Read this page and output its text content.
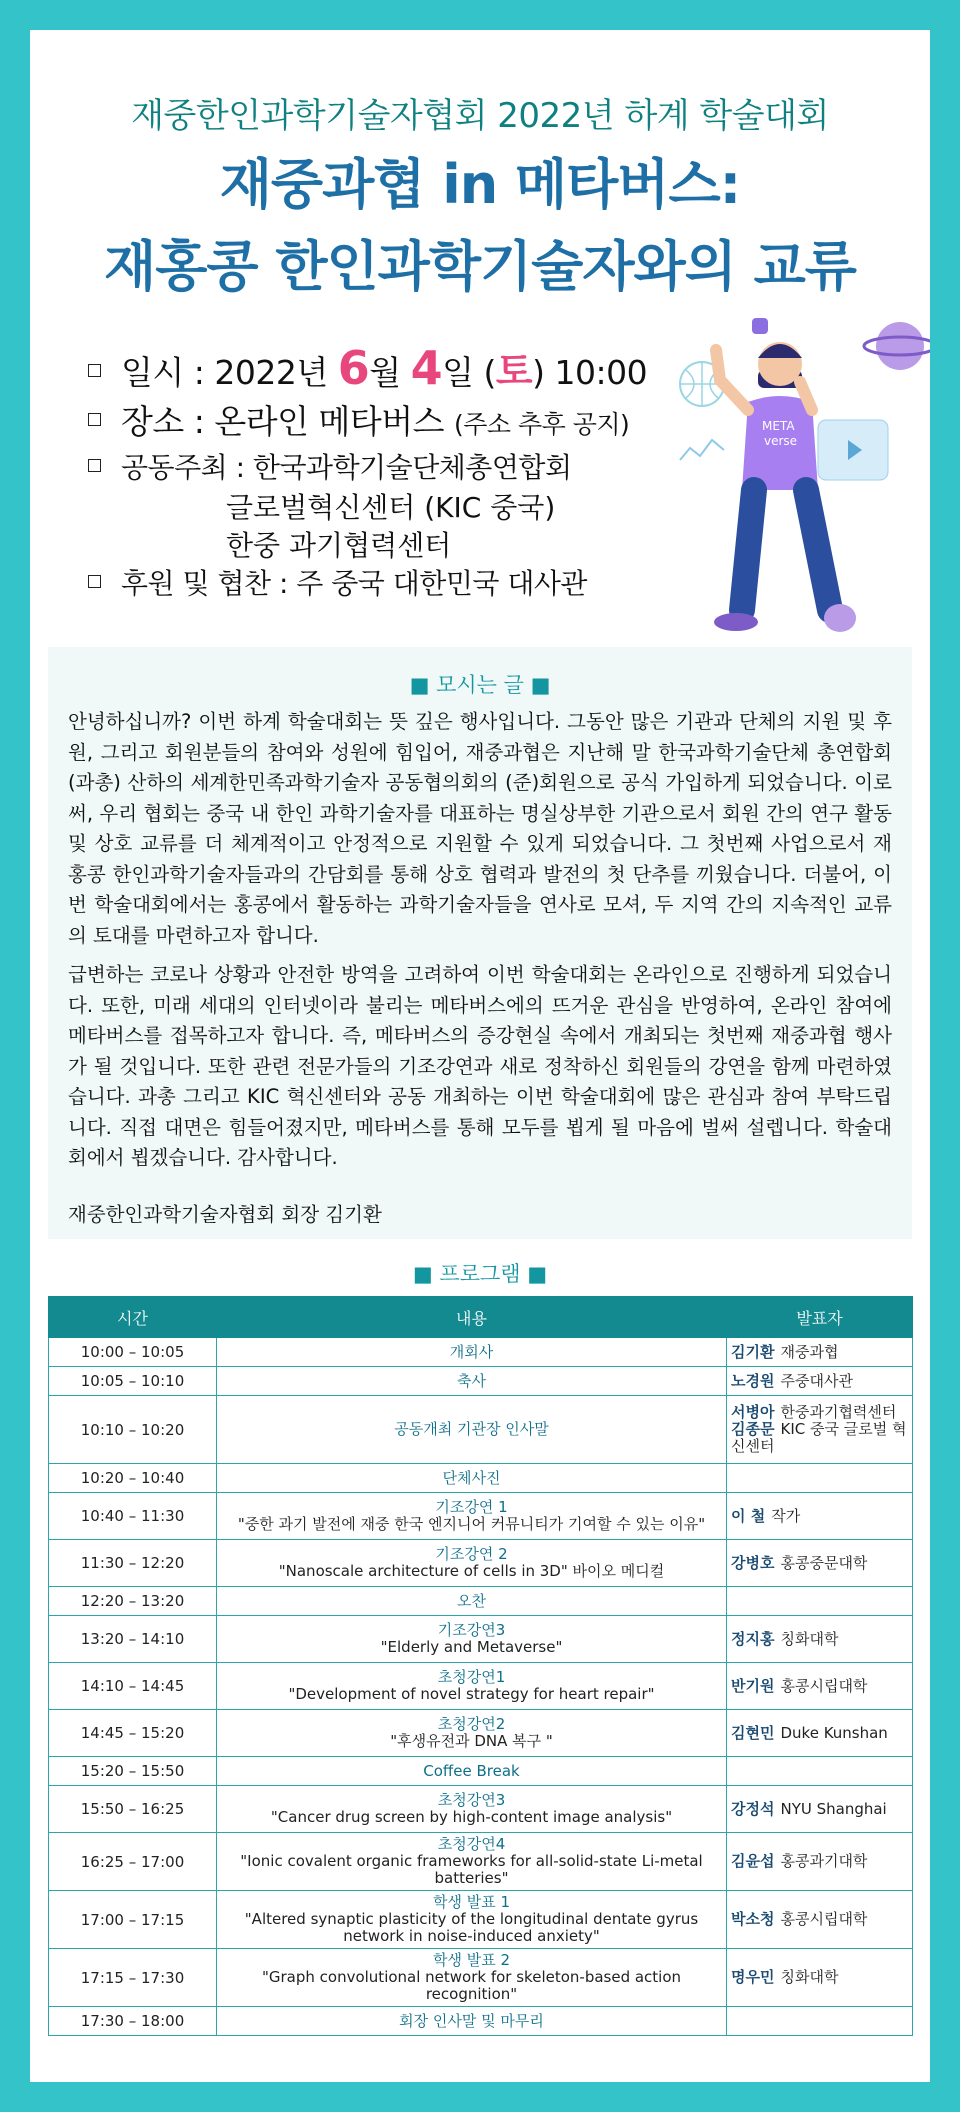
재중한인과학기술자협회 2022년 하계 학술대회
재중과협 in 메타버스:
재홍콩 한인과학기술자와의 교류
일시 : 2022년 6월 4일 (토) 10:00
장소 : 온라인 메타버스 (주소 추후 공지)
공동주최 : 한국과학기술단체총연합회
글로벌혁신센터 (KIC 중국)
한중 과기협력센터
후원 및 협찬 : 주 중국 대한민국 대사관
META
verse
■ 모시는 글 ■
안녕하십니까? 이번 하계 학술대회는 뜻 깊은 행사입니다. 그동안 많은 기관과 단체의 지원 및 후원, 그리고 회원분들의 참여와 성원에 힘입어, 재중과협은 지난해 말 한국과학기술단체 총연합회(과총) 산하의 세계한민족과학기술자 공동협의회의 (준)회원으로 공식 가입하게 되었습니다. 이로써, 우리 협회는 중국 내 한인 과학기술자를 대표하는 명실상부한 기관으로서 회원 간의 연구 활동 및 상호 교류를 더 체계적이고 안정적으로 지원할 수 있게 되었습니다. 그 첫번째 사업으로서 재 홍콩 한인과학기술자들과의 간담회를 통해 상호 협력과 발전의 첫 단추를 끼웠습니다. 더불어, 이번 학술대회에서는 홍콩에서 활동하는 과학기술자들을 연사로 모셔, 두 지역 간의 지속적인 교류의 토대를 마련하고자 합니다.
급변하는 코로나 상황과 안전한 방역을 고려하여 이번 학술대회는 온라인으로 진행하게 되었습니다. 또한, 미래 세대의 인터넷이라 불리는 메타버스에의 뜨거운 관심을 반영하여, 온라인 참여에 메타버스를 접목하고자 합니다. 즉, 메타버스의 증강현실 속에서 개최되는 첫번째 재중과협 행사가 될 것입니다. 또한 관련 전문가들의 기조강연과 새로 정착하신 회원들의 강연을 함께 마련하였습니다. 과총 그리고 KIC 혁신센터와 공동 개최하는 이번 학술대회에 많은 관심과 참여 부탁드립니다. 직접 대면은 힘들어졌지만, 메타버스를 통해 모두를 뵙게 될 마음에 벌써 설렙니다. 학술대회에서 뵙겠습니다. 감사합니다.
재중한인과학기술자협회 회장 김기환
■ 프로그램 ■
시간	내용	발표자
10:00 – 10:05	개회사	김기환 재중과협

10:05 – 10:10	축사	노경원 주중대사관

10:10 – 10:20	공동개최 기관장 인사말	서병아 한중과기협력센터
김종문 KIC 중국 글로벌 혁신센터

10:20 – 10:40	단체사진	

10:40 – 11:30	기조강연 1
"중한 과기 발전에 재중 한국 엔지니어 커뮤니티가 기여할 수 있는 이유"	이 철 작가

11:30 – 12:20	기조강연 2
"Nanoscale architecture of cells in 3D" 바이오 메디컬	강병호 홍콩중문대학

12:20 – 13:20	오찬	

13:20 – 14:10	기조강연3
"Elderly and Metaverse"	정지홍 칭화대학

14:10 – 14:45	초청강연1
"Development of novel strategy for heart repair"	반기원 홍콩시립대학

14:45 – 15:20	초청강연2
"후생유전과 DNA 복구 "	김현민 Duke Kunshan

15:20 – 15:50	Coffee Break	

15:50 – 16:25	초청강연3
"Cancer drug screen by high-content image analysis"	강정석 NYU Shanghai

16:25 – 17:00	초청강연4
"Ionic covalent organic frameworks for all-solid-state Li-metal batteries"	김윤섭 홍콩과기대학

17:00 – 17:15	학생 발표 1
"Altered synaptic plasticity of the longitudinal dentate gyrus network in noise-induced anxiety"	박소청 홍콩시립대학

17:15 – 17:30	학생 발표 2
"Graph convolutional network for skeleton-based action recognition"	명우민 칭화대학

17:30 – 18:00	회장 인사말 및 마무리	
